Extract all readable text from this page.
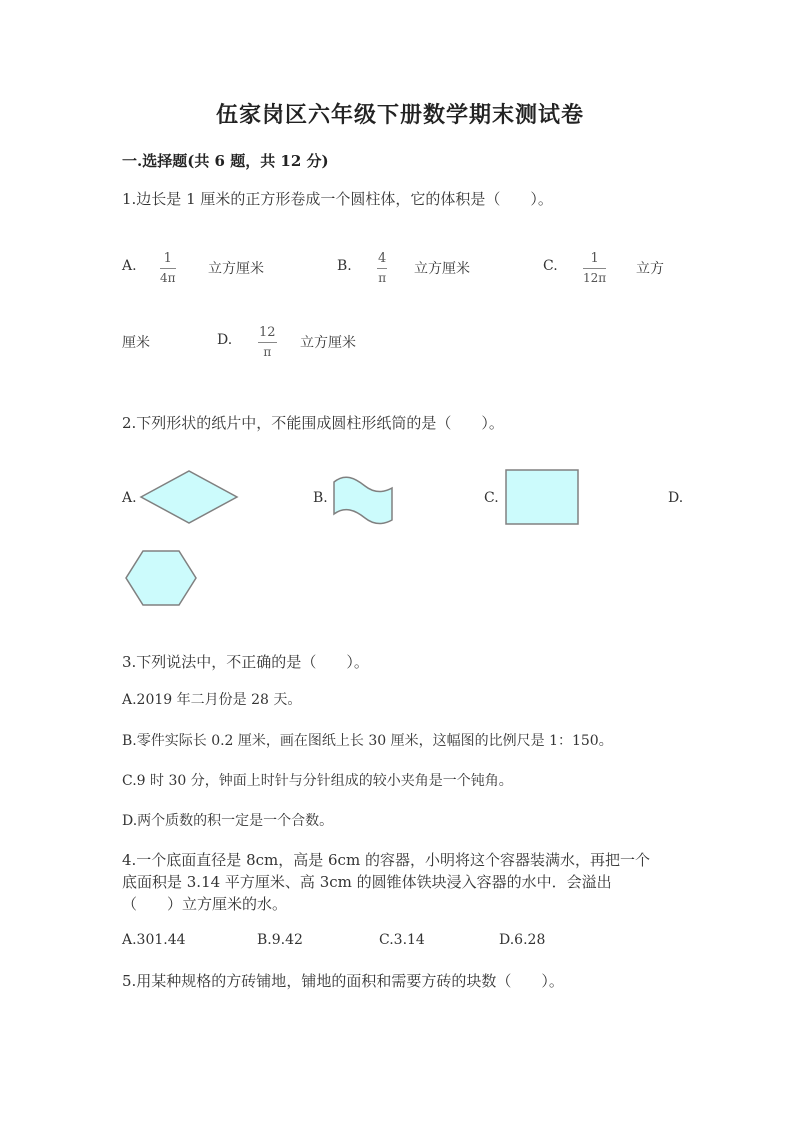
伍家岗区六年级下册数学期末测试卷
一.选择题(共 6 题，共 12 分)
1.边长是 1 厘米的正方形卷成一个圆柱体，它的体积是（　　）。
A. 1
4π
立方厘米	B. 4
π
立方厘米	C.	1
12π
立方
厘米	D. 12
π
立方厘米
2.下列形状的纸片中，不能围成圆柱形纸筒的是（　　）。
A.	B.	C.	D.
3.下列说法中，不正确的是（　　）。
A.2019 年二月份是 28 天。
B.零件实际长 0.2 厘米，画在图纸上长 30 厘米，这幅图的比例尺是 1：150。
C.9 时 30 分，钟面上时针与分针组成的较小夹角是一个钝角。
D.两个质数的积一定是一个合数。
4.一个底面直径是 8cm，高是 6cm 的容器，小明将这个容器装满水，再把一个
底面积是 3.14 平方厘米、高 3cm 的圆锥体铁块浸入容器的水中．会溢出
（　　）立方厘米的水。
A.301.44	B.9.42	C.3.14	D.6.28
5.用某种规格的方砖铺地，铺地的面积和需要方砖的块数（　　）。
